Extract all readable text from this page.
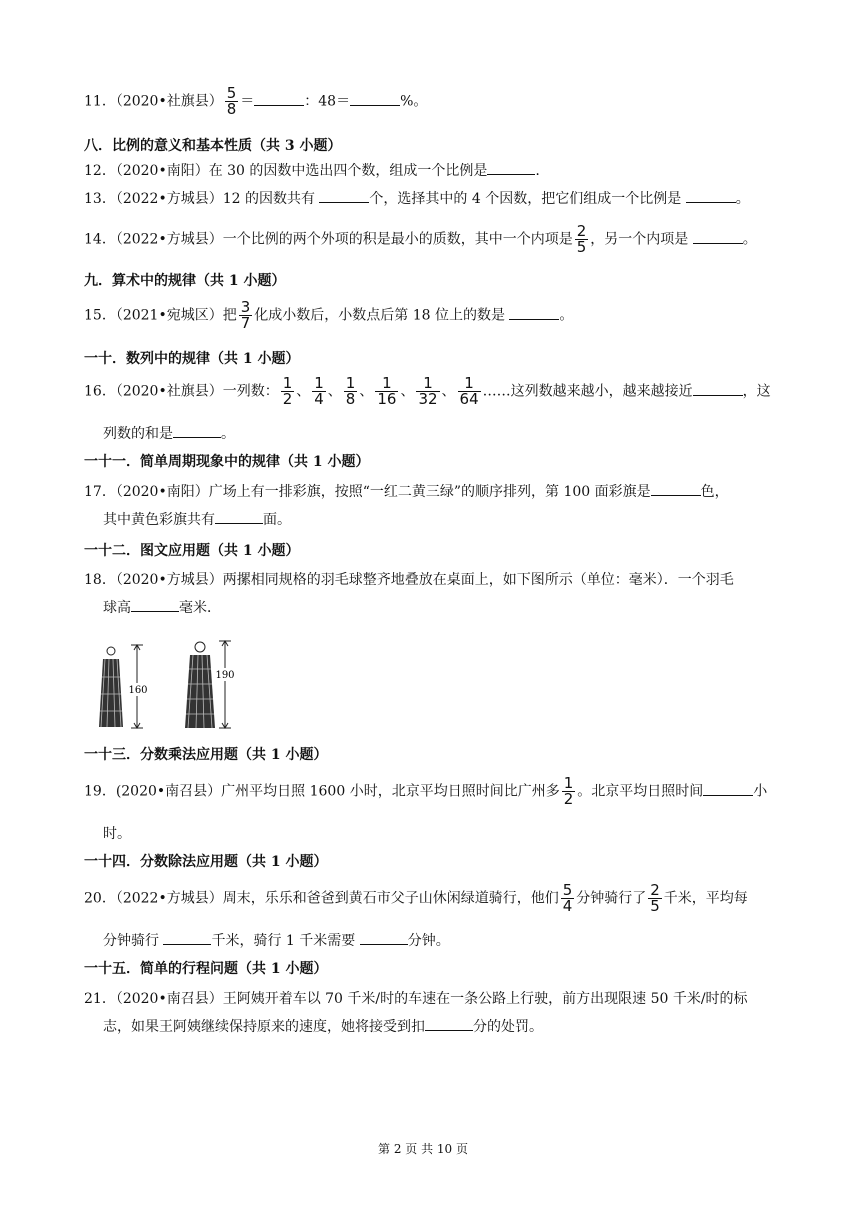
11．（2020•社旗县） $\frac{5}{8}$ ＝	：48＝	%。
八．比例的意义和基本性质（共 3 小题）
12．（2020•南阳）在 30 的因数中选出四个数，组成一个比例是	.
13．（2022•方城县）12 的因数共有	个，选择其中的 4 个因数，把它们组成一个比例是	。
14．（2022•方城县）一个比例的两个外项的积是最小的质数，其中一个内项是 $\frac{2}{5}$ ，另一个内项是	。
九．算术中的规律（共 1 小题）
15．（2021•宛城区）把 $\frac{3}{7}$ 化成小数后，小数点后第 18 位上的数是	。
一十．数列中的规律（共 1 小题）
16．（2020•社旗县）一列数： $\frac{1}{2}$ 、 $\frac{1}{4}$ 、 $\frac{1}{8}$ 、 $\frac{1}{16}$ 、 $\frac{1}{32}$ 、 $\frac{1}{64}$ ……这列数越来越小，越来越接近	，这
列数的和是	。
一十一．简单周期现象中的规律（共 1 小题）
17．（2020•南阳）广场上有一排彩旗，按照“一红二黄三绿”的顺序排列，第 100 面彩旗是	色，
其中黄色彩旗共有	面。
一十二．图文应用题（共 1 小题）
18．（2020•方城县）两摞相同规格的羽毛球整齐地叠放在桌面上，如下图所示（单位：毫米）．一个羽毛
球高	毫米．
160
190
一十三．分数乘法应用题（共 1 小题）
19．(2020•南召县）广州平均日照 1600 小时，北京平均日照时间比广州多 $\frac{1}{2}$ 。北京平均日照时间	小
时。
一十四．分数除法应用题（共 1 小题）
20．（2022•方城县）周末，乐乐和爸爸到黄石市父子山休闲绿道骑行，他们 $\frac{5}{4}$ 分钟骑行了 $\frac{2}{5}$ 千米，平均每
分钟骑行	千米，骑行 1 千米需要	分钟。
一十五．简单的行程问题（共 1 小题）
21．（2020•南召县）王阿姨开着车以 70 千米/时的车速在一条公路上行驶，前方出现限速 50 千米/时的标
志，如果王阿姨继续保持原来的速度，她将接受到扣	分的处罚。
第 2 页 共 10 页
